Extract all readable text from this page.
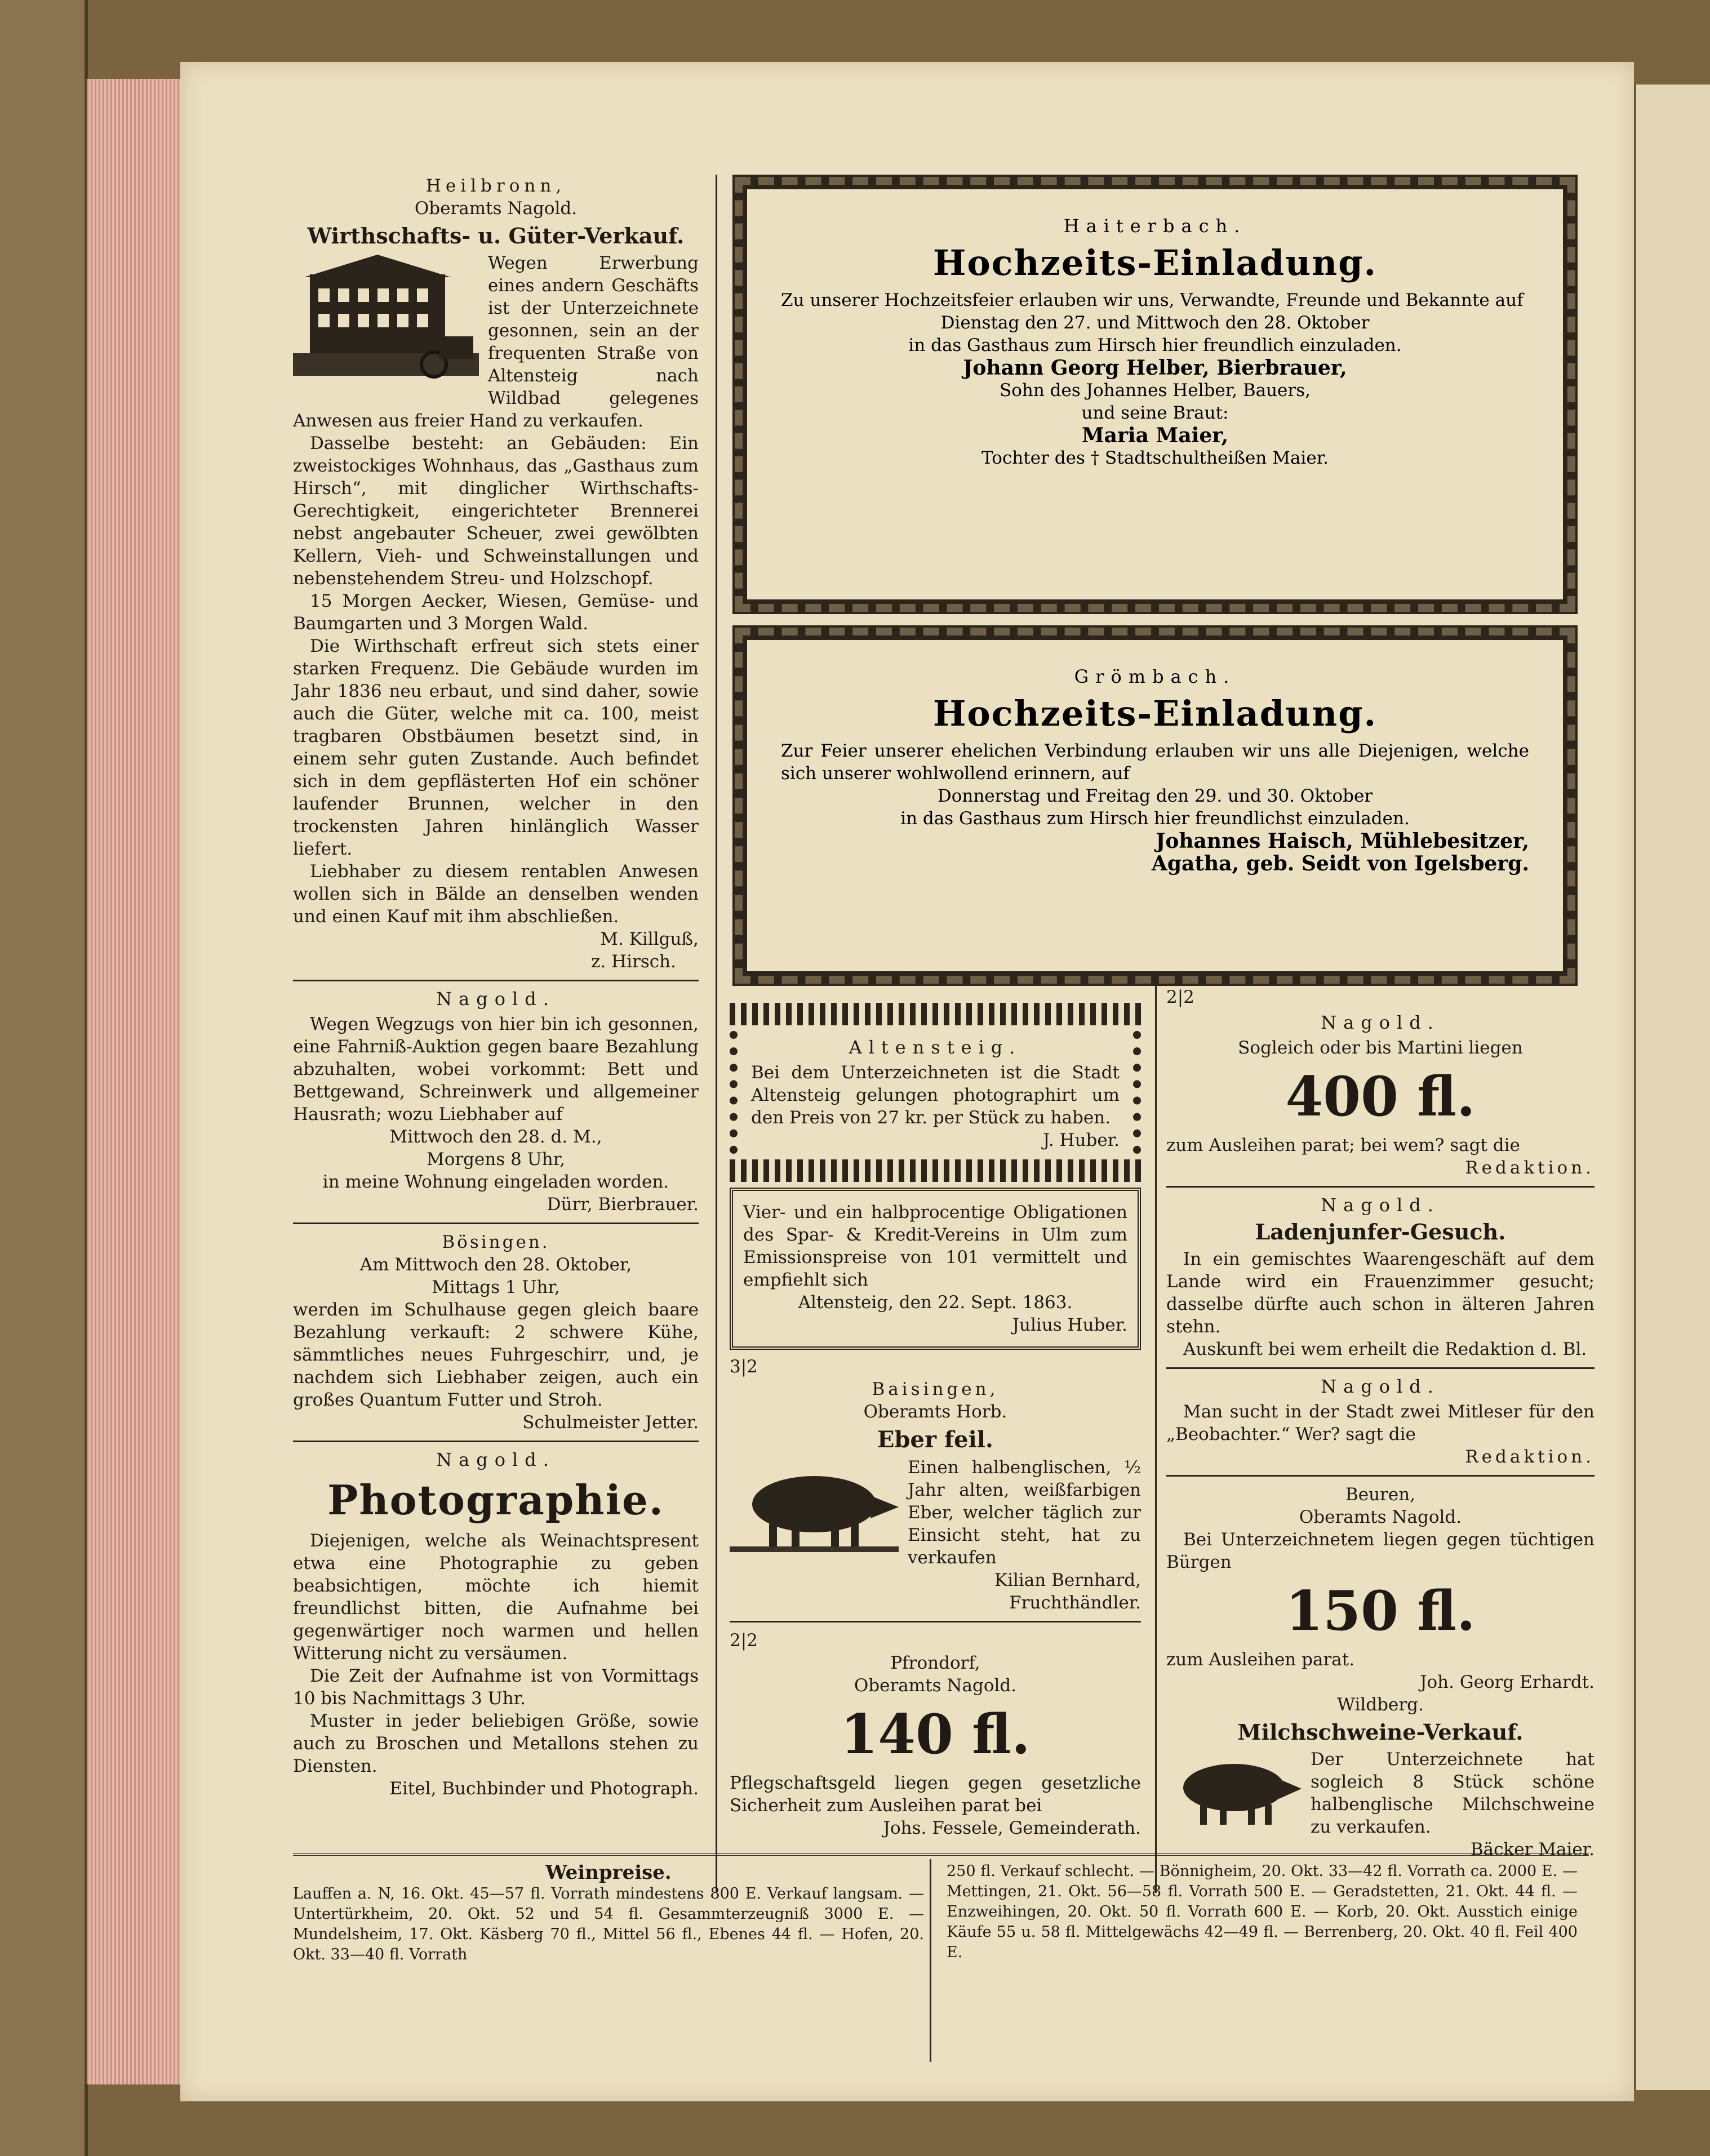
Heilbronn,

Oberamts Nagold.

Wirthschafts- u. Güter-Verkauf.

Wegen Erwerbung eines andern Geschäfts ist der Unterzeichnete gesonnen, sein an der frequenten Straße von Altensteig nach Wildbad gelegenes Anwesen aus freier Hand zu verkaufen.

Dasselbe besteht: an Gebäuden: Ein zweistockiges Wohnhaus, das „Gasthaus zum Hirsch“, mit dinglicher Wirthschafts-Gerechtigkeit, eingerichteter Brennerei nebst angebauter Scheuer, zwei gewölbten Kellern, Vieh- und Schweinstallungen und nebenstehendem Streu- und Holzschopf.

15 Morgen Aecker, Wiesen, Gemüse- und Baumgarten und 3 Morgen Wald.

Die Wirthschaft erfreut sich stets einer starken Frequenz. Die Gebäude wurden im Jahr 1836 neu erbaut, und sind daher, sowie auch die Güter, welche mit ca. 100, meist tragbaren Obstbäumen besetzt sind, in einem sehr guten Zustande. Auch befindet sich in dem gepflästerten Hof ein schöner laufender Brunnen, welcher in den trockensten Jahren hinlänglich Wasser liefert.

Liebhaber zu diesem rentablen Anwesen wollen sich in Bälde an denselben wenden und einen Kauf mit ihm abschließen.

M. Killguß,

z. Hirsch.

Nagold.

Wegen Wegzugs von hier bin ich gesonnen, eine Fahrniß-Auktion gegen baare Bezahlung abzuhalten, wobei vorkommt: Bett und Bettgewand, Schreinwerk und allgemeiner Hausrath; wozu Liebhaber auf

Mittwoch den 28. d. M.,

Morgens 8 Uhr,

in meine Wohnung eingeladen worden.

Dürr, Bierbrauer.

Bösingen.

Am Mittwoch den 28. Oktober,

Mittags 1 Uhr,

werden im Schulhause gegen gleich baare Bezahlung verkauft: 2 schwere Kühe, sämmtliches neues Fuhrgeschirr, und, je nachdem sich Liebhaber zeigen, auch ein großes Quantum Futter und Stroh.

Schulmeister Jetter.

Nagold.

Photographie.

Diejenigen, welche als Weinachtspresent etwa eine Photographie zu geben beabsichtigen, möchte ich hiemit freundlichst bitten, die Aufnahme bei gegenwärtiger noch warmen und hellen Witterung nicht zu versäumen.

Die Zeit der Aufnahme ist von Vormittags 10 bis Nachmittags 3 Uhr.

Muster in jeder beliebigen Größe, sowie auch zu Broschen und Metallons stehen zu Diensten.

Eitel, Buchbinder und Photograph.

Haiterbach.

Hochzeits-Einladung.

Zu unserer Hochzeitsfeier erlauben wir uns, Verwandte, Freunde und Bekannte auf

Dienstag den 27. und Mittwoch den 28. Oktober

in das Gasthaus zum Hirsch hier freundlich einzuladen.

Johann Georg Helber, Bierbrauer,

Sohn des Johannes Helber, Bauers,

und seine Braut:

Maria Maier,

Tochter des † Stadtschultheißen Maier.

Grömbach.

Hochzeits-Einladung.

Zur Feier unserer ehelichen Verbindung erlauben wir uns alle Diejenigen, welche sich unserer wohlwollend erinnern, auf

Donnerstag und Freitag den 29. und 30. Oktober

in das Gasthaus zum Hirsch hier freundlichst einzuladen.

Johannes Haisch, Mühlebesitzer,

Agatha, geb. Seidt von Igelsberg.

Altensteig.

Bei dem Unterzeichneten ist die Stadt Altensteig gelungen photographirt um den Preis von 27 kr. per Stück zu haben.

J. Huber.

Vier- und ein halbprocentige Obligationen des Spar- & Kredit-Vereins in Ulm zum Emissionspreise von 101 vermittelt und empfiehlt sich

Altensteig, den 22. Sept. 1863.

Julius Huber.

3|2

Baisingen,

Oberamts Horb.

Eber feil.

Einen halbenglischen, ½ Jahr alten, weißfarbigen Eber, welcher täglich zur Einsicht steht, hat zu verkaufen

Kilian Bernhard,

Fruchthändler.

2|2

Pfrondorf,

Oberamts Nagold.

140 fl.

Pflegschaftsgeld liegen gegen gesetzliche Sicherheit zum Ausleihen parat bei

Johs. Fessele, Gemeinderath.

2|2

Nagold.

Sogleich oder bis Martini liegen

400 fl.

zum Ausleihen parat; bei wem? sagt die

Redaktion.

Nagold.

Ladenjunfer-Gesuch.

In ein gemischtes Waarengeschäft auf dem Lande wird ein Frauenzimmer gesucht; dasselbe dürfte auch schon in älteren Jahren stehn.

Auskunft bei wem erheilt die Redaktion d. Bl.

Nagold.

Man sucht in der Stadt zwei Mitleser für den „Beobachter.“ Wer? sagt die

Redaktion.

Beuren,

Oberamts Nagold.

Bei Unterzeichnetem liegen gegen tüchtigen Bürgen

150 fl.

zum Ausleihen parat.

Joh. Georg Erhardt.

Wildberg.

Milchschweine-Verkauf.

Der Unterzeichnete hat sogleich 8 Stück schöne halbenglische Milchschweine zu verkaufen.

Bäcker Maier.

Weinpreise.

Lauffen a. N, 16. Okt. 45—57 fl. Vorrath mindestens 800 E. Verkauf langsam. — Untertürkheim, 20. Okt. 52 und 54 fl. Gesammterzeugniß 3000 E. — Mundelsheim, 17. Okt. Käsberg 70 fl., Mittel 56 fl., Ebenes 44 fl. — Hofen, 20. Okt. 33—40 fl. Vorrath

250 fl. Verkauf schlecht. — Bönnigheim, 20. Okt. 33—42 fl. Vorrath ca. 2000 E. — Mettingen, 21. Okt. 56—58 fl. Vorrath 500 E. — Geradstetten, 21. Okt. 44 fl. — Enzweihingen, 20. Okt. 50 fl. Vorrath 600 E. — Korb, 20. Okt. Ausstich einige Käufe 55 u. 58 fl. Mittelgewächs 42—49 fl. — Berrenberg, 20. Okt. 40 fl. Feil 400 E.
